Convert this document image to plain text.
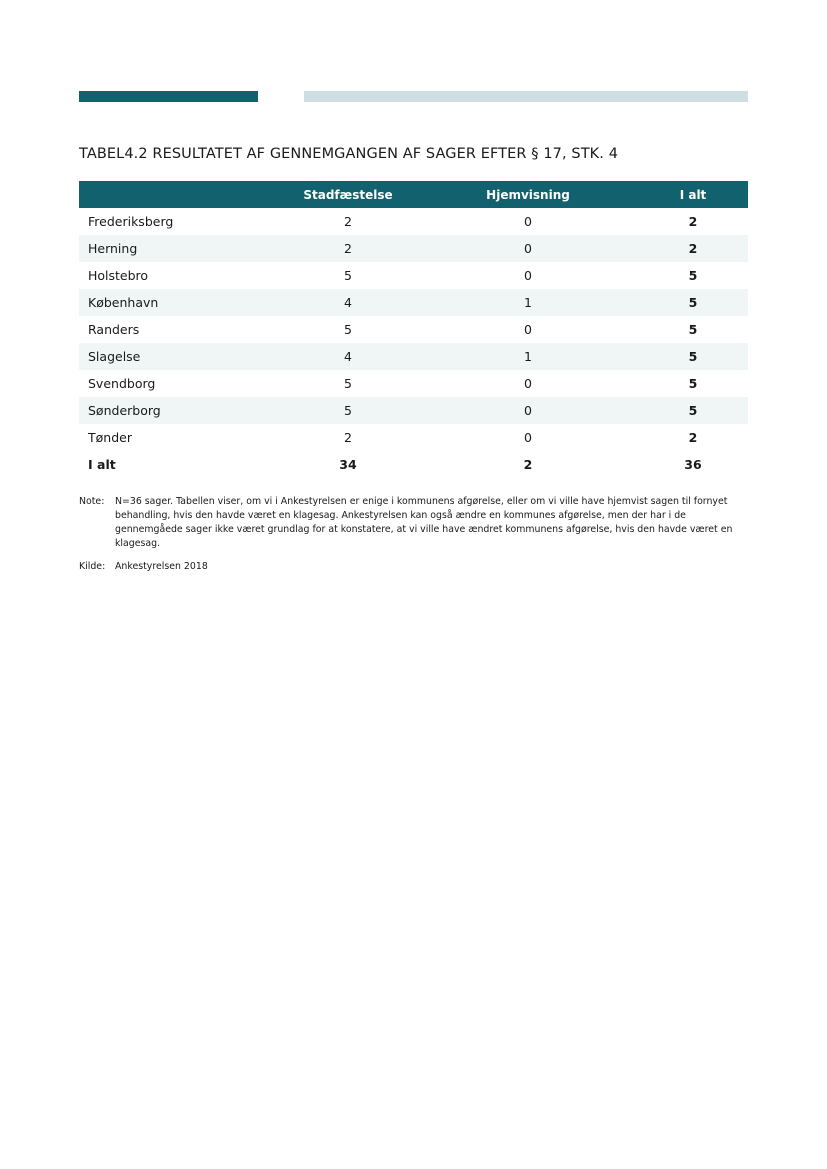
TABEL4.2 RESULTATET AF GENNEMGANGEN AF SAGER EFTER § 17, STK. 4
	Stadfæstelse	Hjemvisning	I alt
Frederiksberg	2	0	2
Herning	2	0	2
Holstebro	5	0	5
København	4	1	5
Randers	5	0	5
Slagelse	4	1	5
Svendborg	5	0	5
Sønderborg	5	0	5
Tønder	2	0	2
I alt	34	2	36
Note:	N=36 sager. Tabellen viser, om vi i Ankestyrelsen er enige i kommunens afgørelse, eller om vi ville have hjemvist sagen til fornyet behandling, hvis den havde været en klagesag. Ankestyrelsen kan også ændre en kommunes afgørelse, men der har i de gennemgåede sager ikke været grundlag for at konstatere, at vi ville have ændret kommunens afgørelse, hvis den havde været en klagesag.
Kilde: Ankestyrelsen 2018
